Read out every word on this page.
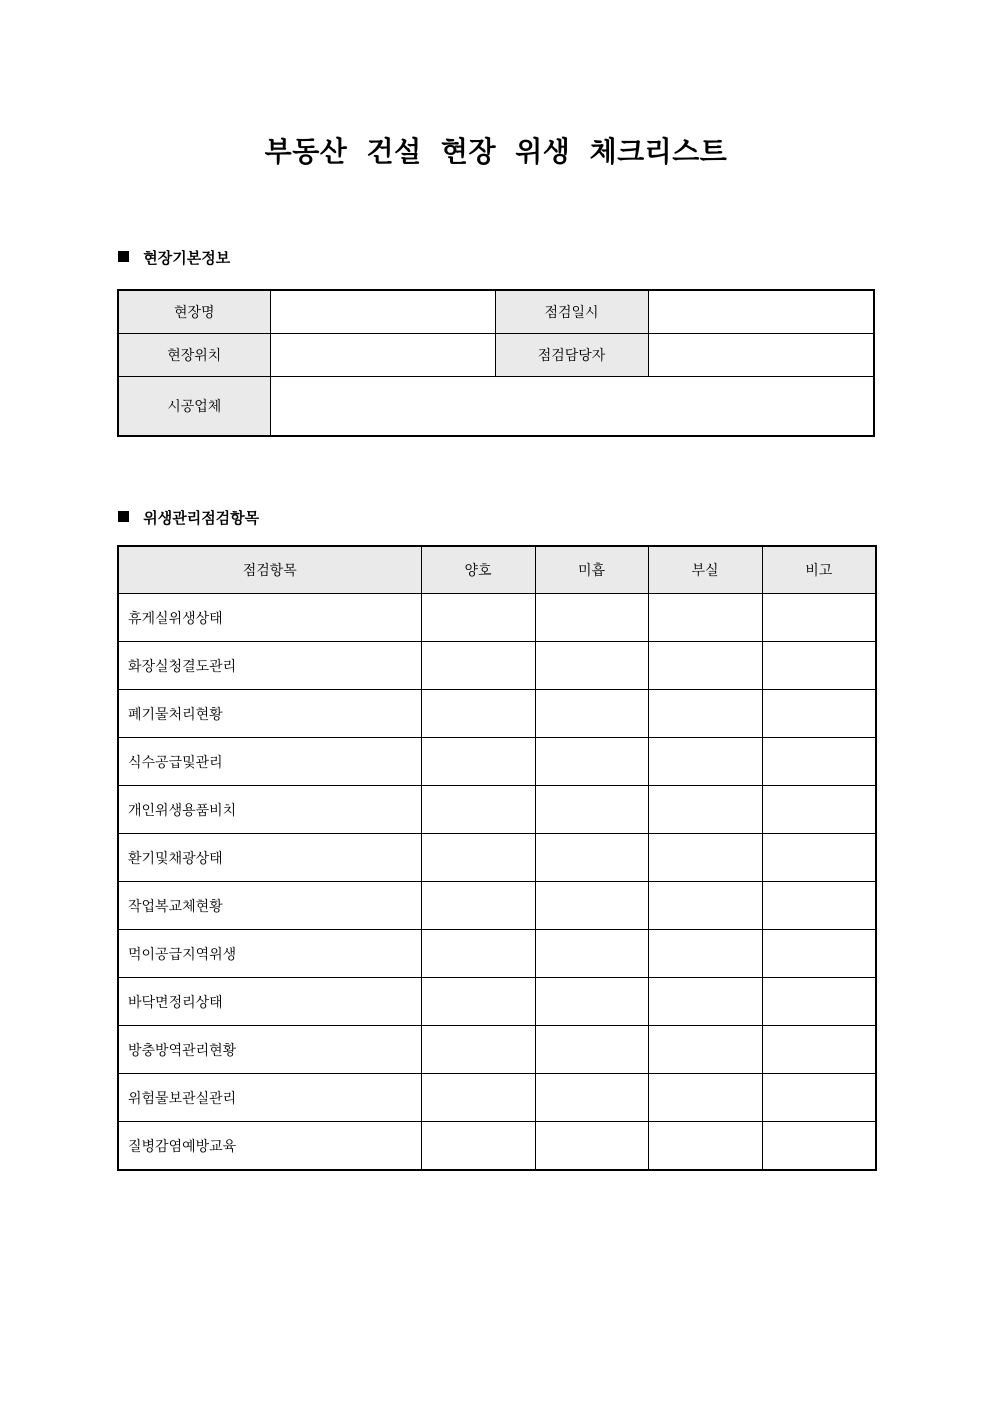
부동산 건설 현장 위생 체크리스트
현장기본정보
현장명		점검일시	
현장위치		점검담당자	
시공업체			
위생관리점검항목
점검항목	양호	미흡	부실	비고
휴게실위생상태				
화장실청결도관리				
폐기물처리현황				
식수공급및관리				
개인위생용품비치				
환기및채광상태				
작업복교체현황				
먹이공급지역위생				
바닥면정리상태				
방충방역관리현황				
위험물보관실관리				
질병감염예방교육				
